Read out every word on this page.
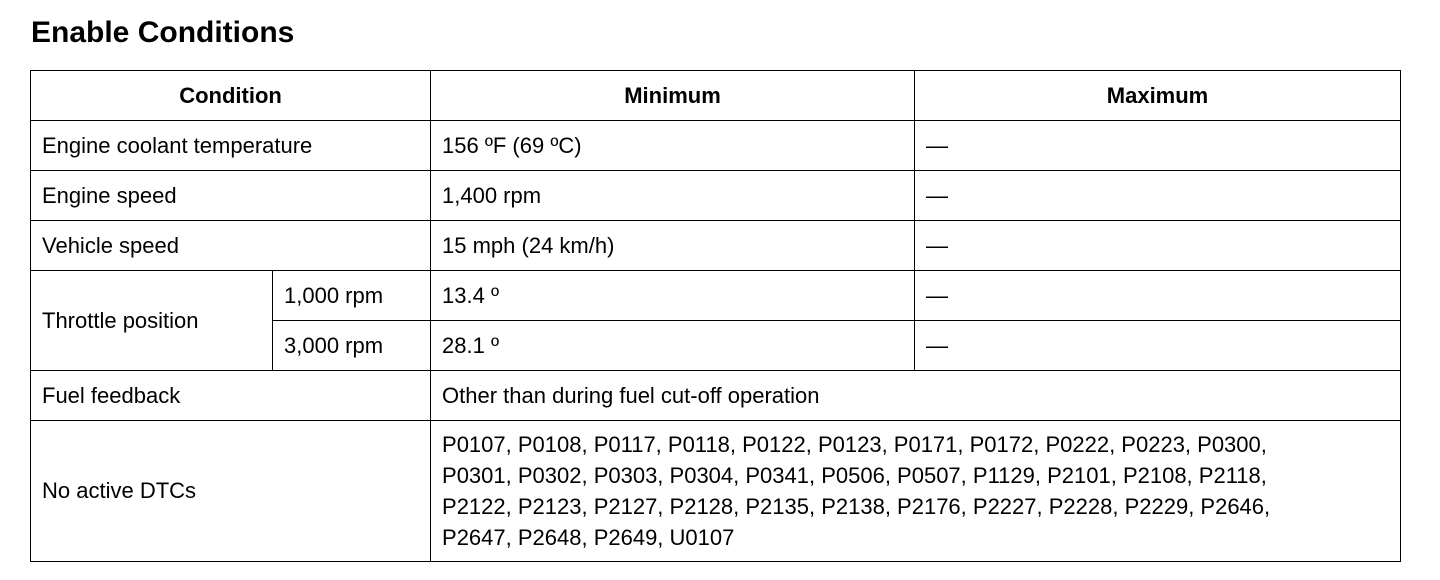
Enable Conditions
Condition		Minimum	Maximum
Engine coolant temperature		156 ºF (69 ºC)	—
Engine speed		1,400 rpm	—
Vehicle speed		15 mph (24 km/h)	—
Throttle position	1,000 rpm	13.4 º	—
	3,000 rpm	28.1 º	—
Fuel feedback		Other than during fuel cut-off operation	
No active DTCs		P0107, P0108, P0117, P0118, P0122, P0123, P0171, P0172, P0222, P0223, P0300,
P0301, P0302, P0303, P0304, P0341, P0506, P0507, P1129, P2101, P2108, P2118,
P2122, P2123, P2127, P2128, P2135, P2138, P2176, P2227, P2228, P2229, P2646,
P2647, P2648, P2649, U0107	
